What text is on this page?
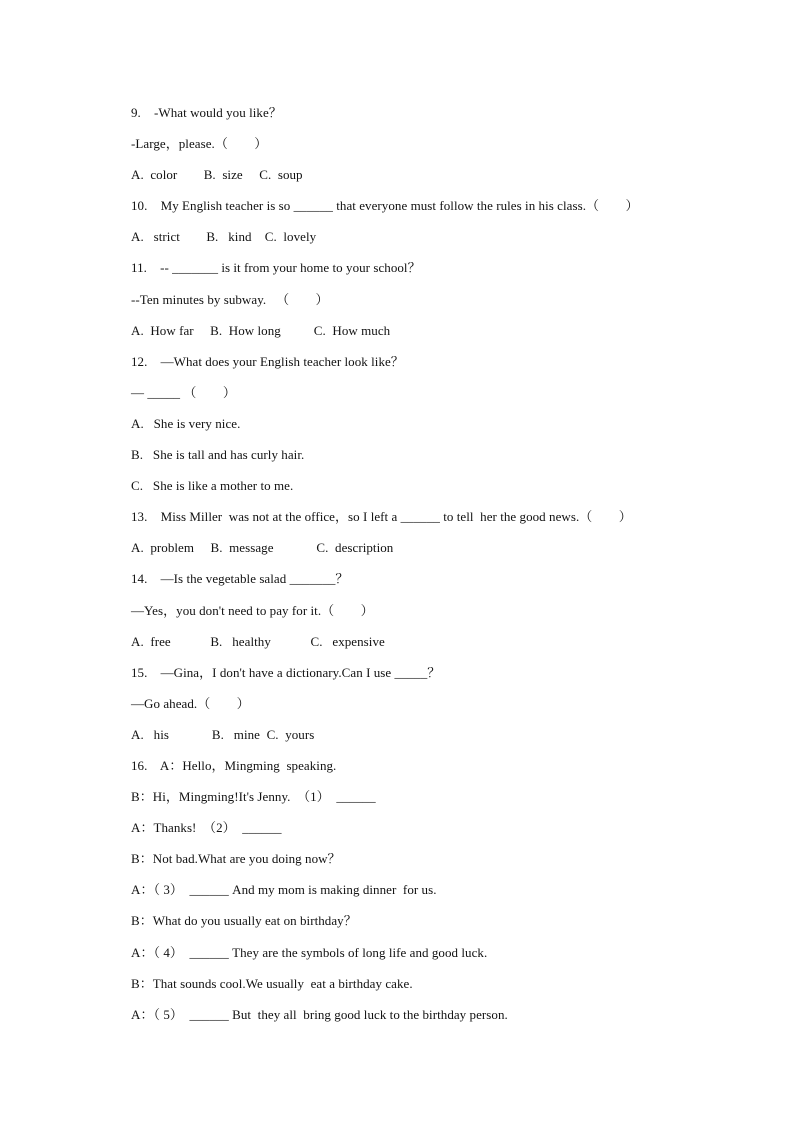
9.    -What would you like？
-Large，please.（        ）
A.  color        B.  size     C.  soup
10.    My English teacher is so ______ that everyone must follow the rules in his class.（        ）
A.   strict        B.   kind    C.  lovely
11.    -- _______ is it from your home to your school？
--Ten minutes by subway.   （        ）
A.  How far     B.  How long          C.  How much
12.    —What does your English teacher look like？
— _____ （        ）
A.   She is very nice.
B.   She is tall and has curly hair.
C.   She is like a mother to me.
13.    Miss Miller  was not at the office，so I left a ______ to tell  her the good news.（        ）
A.  problem     B.  message             C.  description
14.    —Is the vegetable salad _______？
—Yes，you don't need to pay for it.（        ）
A.  free            B.   healthy            C.   expensive
15.    —Gina，I don't have a dictionary.Can I use _____？
—Go ahead.（        ）
A.   his             B.   mine  C.  yours
16.    A：Hello，Mingming  speaking.
B：Hi，Mingming!It's Jenny.  （1）  ______
A：Thanks!  （2）  ______
B：Not bad.What are you doing now？
A：（ 3）  ______ And my mom is making dinner  for us.
B：What do you usually eat on birthday？
A：（ 4）  ______ They are the symbols of long life and good luck.
B：That sounds cool.We usually  eat a birthday cake.
A：（ 5）  ______ But  they all  bring good luck to the birthday person.
